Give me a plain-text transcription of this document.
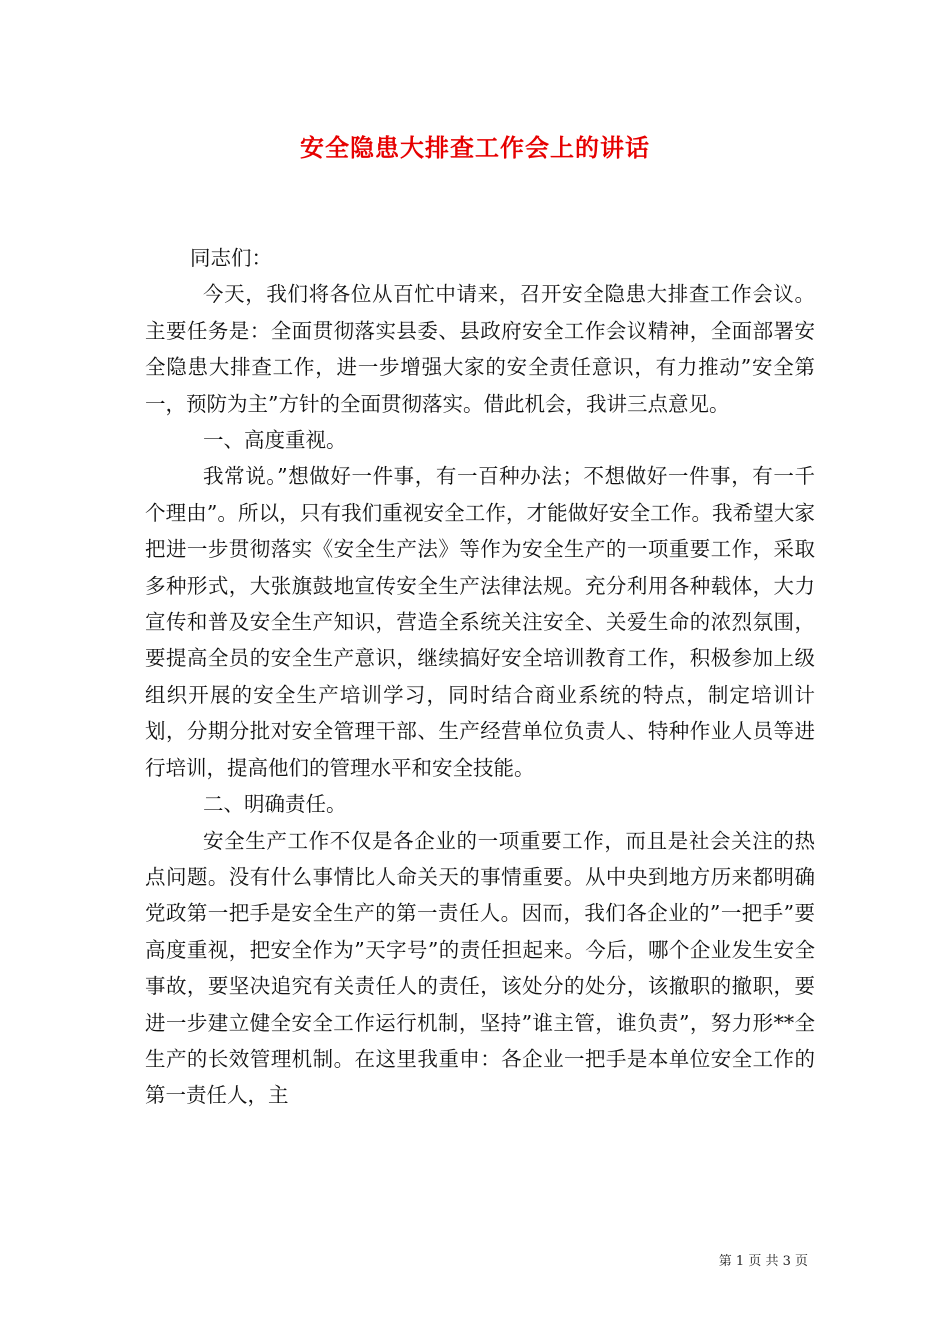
安全隐患大排查工作会上的讲话

同志们：

今天，我们将各位从百忙中请来，召开安全隐患大排查工作会议。主要任务是：全面贯彻落实县委、县政府安全工作会议精神，全面部署安全隐患大排查工作，进一步增强大家的安全责任意识，有力推动”安全第一，预防为主”方针的全面贯彻落实。借此机会，我讲三点意见。

一、高度重视。

我常说。”想做好一件事，有一百种办法；不想做好一件事，有一千个理由”。所以，只有我们重视安全工作，才能做好安全工作。我希望大家把进一步贯彻落实《安全生产法》等作为安全生产的一项重要工作，采取多种形式，大张旗鼓地宣传安全生产法律法规。充分利用各种载体，大力宣传和普及安全生产知识，营造全系统关注安全、关爱生命的浓烈氛围，要提高全员的安全生产意识，继续搞好安全培训教育工作，积极参加上级组织开展的安全生产培训学习，同时结合商业系统的特点，制定培训计划，分期分批对安全管理干部、生产经营单位负责人、特种作业人员等进行培训，提高他们的管理水平和安全技能。

二、明确责任。

安全生产工作不仅是各企业的一项重要工作，而且是社会关注的热点问题。没有什么事情比人命关天的事情重要。从中央到地方历来都明确党政第一把手是安全生产的第一责任人。因而，我们各企业的”一把手”要高度重视，把安全作为”天字号”的责任担起来。今后，哪个企业发生安全事故，要坚决追究有关责任人的责任，该处分的处分，该撤职的撤职，要进一步建立健全安全工作运行机制，坚持”谁主管，谁负责”，努力形**全生产的长效管理机制。在这里我重申：各企业一把手是本单位安全工作的第一责任人，主

第 1 页 共 3 页
